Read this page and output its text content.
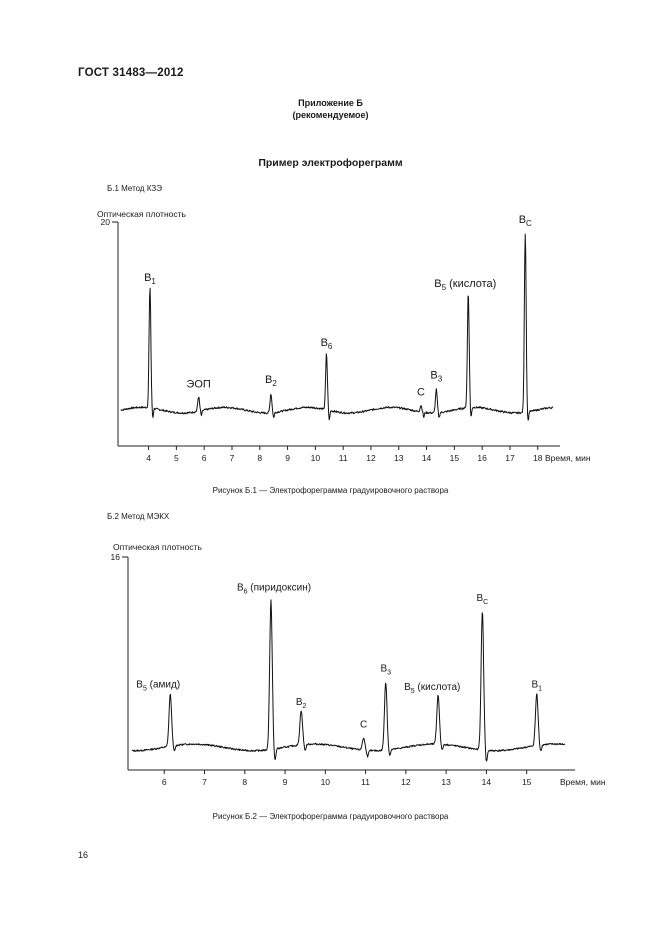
ГОСТ 31483—2012
Приложение Б
(рекомендуемое)
Пример электрофореграмм
Б.1 Метод КЗЭ
Оптическая плотность
Рисунок Б.1 — Электрофореграмма градуировочного раствора
Б.2 Метод МЭКХ
Оптическая плотность
Рисунок Б.2 — Электрофореграмма градуировочного раствора
16
4	5	6	7	8	9 10 11 12 13 14 15 16 17 18 Время, мин
20
$B_1$
ЭОП	$B_2$
$B_6$
C
$B_3$
$B_5$ (кислота)
$B_C$
6	7	8	9	10	11	12	13	14	15	Время, мин
16
$B_5$ (амид)
$B_6$ (пиридоксин)
$B_2$
C
$B_3$
$B_5$ (кислота)
$B_C$
$B_1$
